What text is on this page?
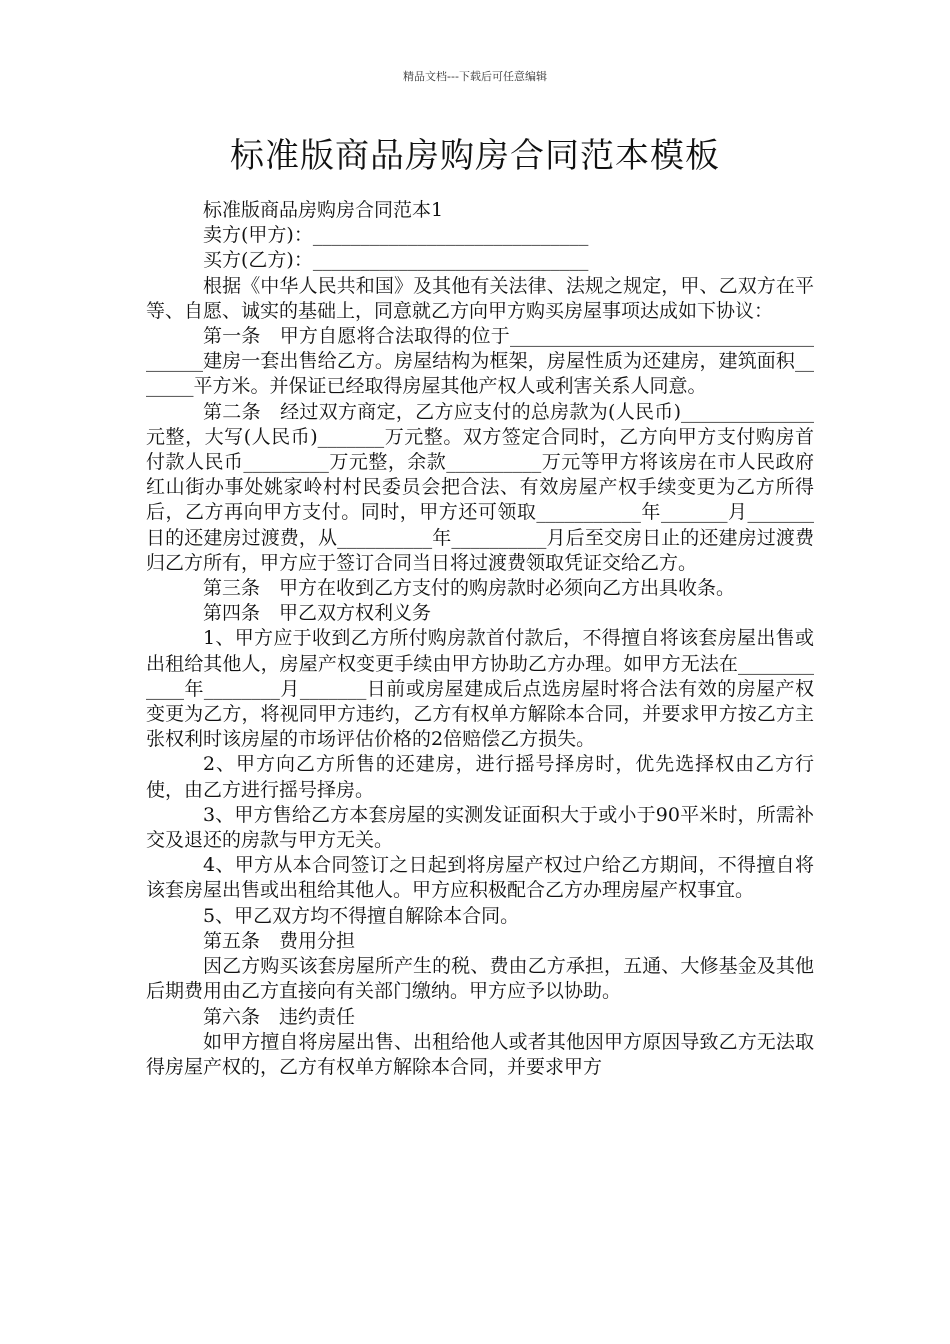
精品文档---下载后可任意编辑
标准版商品房购房合同范本模板

标准版商品房购房合同范本1

卖方(甲方)：_____________________________

买方(乙方)：_____________________________

根据《中华人民共和国》及其他有关法律、法规之规定，甲、乙双方在平等、自愿、诚实的基础上，同意就乙方向甲方购买房屋事项达成如下协议：

第一条　甲方自愿将合法取得的位于______________________________________建房一套出售给乙方。房屋结构为框架，房屋性质为还建房，建筑面积_______平方米。并保证已经取得房屋其他产权人或利害关系人同意。

第二条　经过双方商定，乙方应支付的总房款为(人民币)______________元整，大写(人民币)_______万元整。双方签定合同时，乙方向甲方支付购房首付款人民币_________万元整，余款__________万元等甲方将该房在市人民政府红山街办事处姚家岭村村民委员会把合法、有效房屋产权手续变更为乙方所得后，乙方再向甲方支付。同时，甲方还可领取___________年_______月_______日的还建房过渡费，从__________年__________月后至交房日止的还建房过渡费归乙方所有，甲方应于签订合同当日将过渡费领取凭证交给乙方。

第三条　甲方在收到乙方支付的购房款时必须向乙方出具收条。

第四条　甲乙双方权利义务

1、甲方应于收到乙方所付购房款首付款后，不得擅自将该套房屋出售或出租给其他人，房屋产权变更手续由甲方协助乙方办理。如甲方无法在____________年________月_______日前或房屋建成后点选房屋时将合法有效的房屋产权变更为乙方，将视同甲方违约，乙方有权单方解除本合同，并要求甲方按乙方主张权利时该房屋的市场评估价格的2倍赔偿乙方损失。

2、甲方向乙方所售的还建房，进行摇号择房时，优先选择权由乙方行使，由乙方进行摇号择房。

3、甲方售给乙方本套房屋的实测发证面积大于或小于90平米时，所需补交及退还的房款与甲方无关。

4、甲方从本合同签订之日起到将房屋产权过户给乙方期间，不得擅自将该套房屋出售或出租给其他人。甲方应积极配合乙方办理房屋产权事宜。

5、甲乙双方均不得擅自解除本合同。

第五条　费用分担

因乙方购买该套房屋所产生的税、费由乙方承担，五通、大修基金及其他后期费用由乙方直接向有关部门缴纳。甲方应予以协助。

第六条　违约责任

如甲方擅自将房屋出售、出租给他人或者其他因甲方原因导致乙方无法取得房屋产权的，乙方有权单方解除本合同，并要求甲方
